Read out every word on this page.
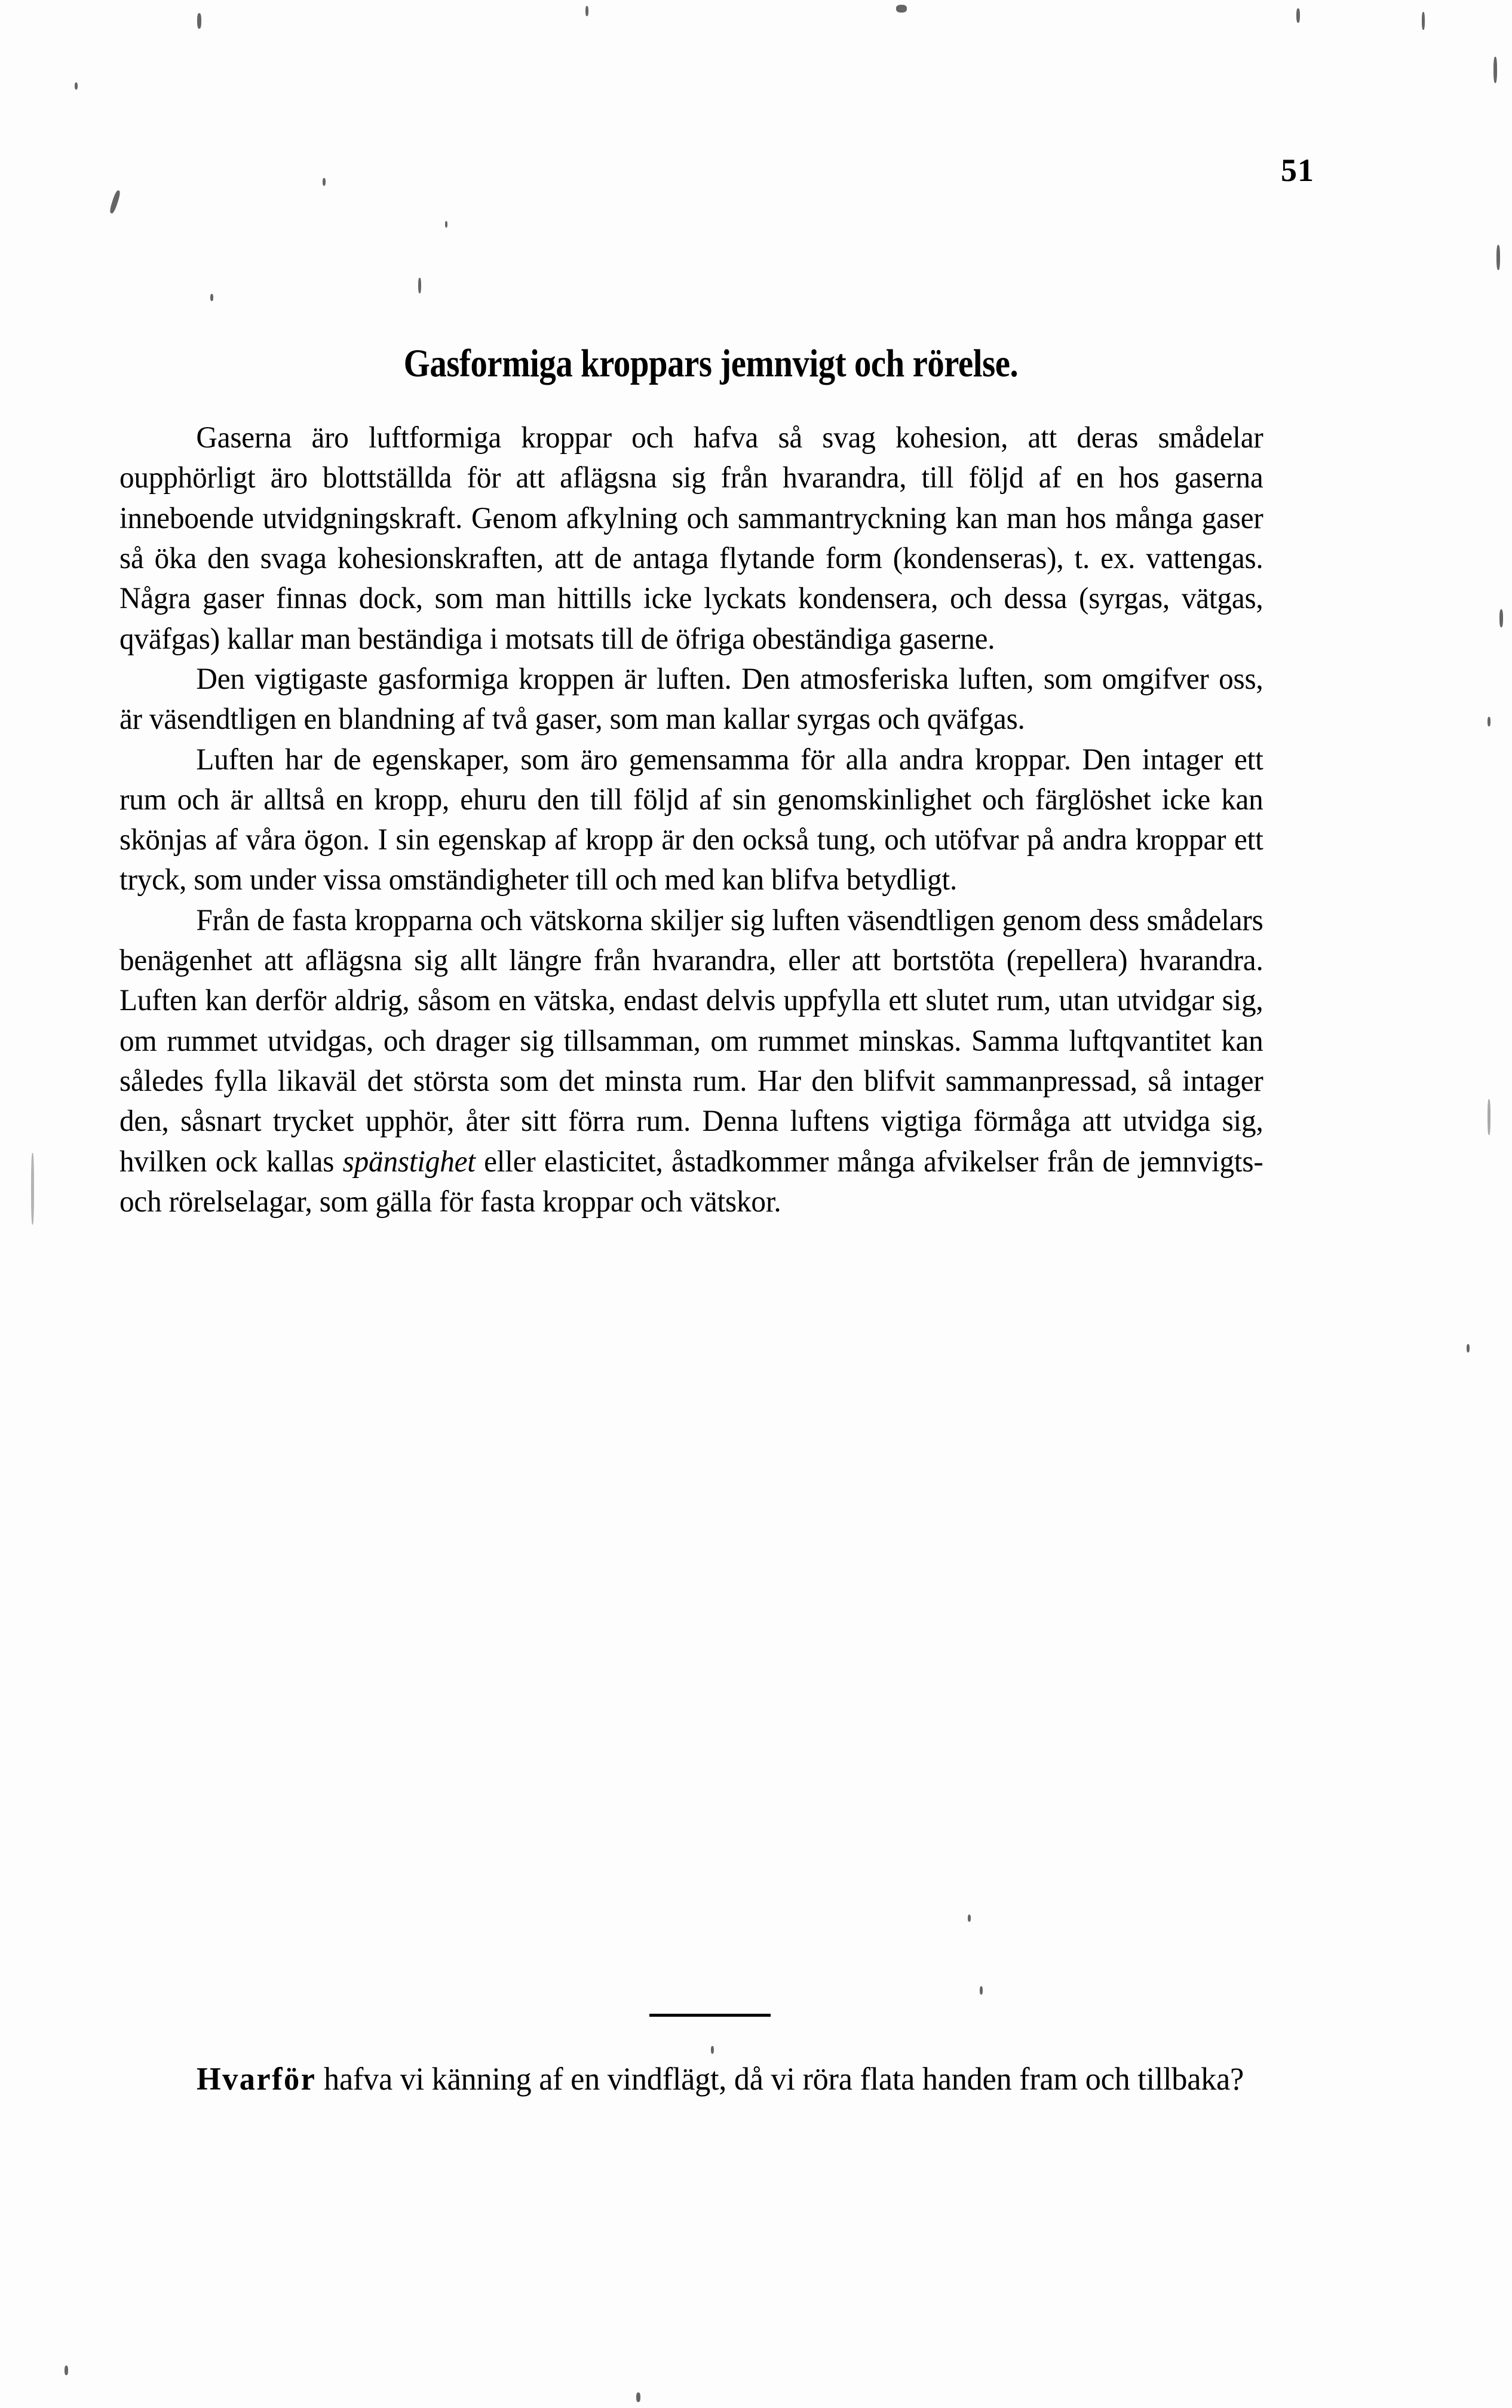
51
Gasformiga kroppars jemnvigt och rörelse.

Gaserna äro luftformiga kroppar och hafva så svag kohesion, att deras smådelar oupphörligt äro blottställda för att aflägsna sig från hvarandra, till följd af en hos gaserna inneboende utvidgningskraft. Genom afkylning och sammantryckning kan man hos många gaser så öka den svaga kohesionskraften, att de antaga flytande form (kondenseras), t. ex. vattengas. Några gaser finnas dock, som man hittills icke lyckats kondensera, och dessa (syrgas, vätgas, qväfgas) kallar man beständiga i motsats till de öfriga obeständiga gaserne.

Den vigtigaste gasformiga kroppen är luften. Den atmosferiska luften, som omgifver oss, är väsendtligen en blandning af två gaser, som man kallar syrgas och qväfgas.

Luften har de egenskaper, som äro gemensamma för alla andra kroppar. Den intager ett rum och är alltså en kropp, ehuru den till följd af sin genomskinlighet och färglöshet icke kan skönjas af våra ögon. I sin egenskap af kropp är den också tung, och utöfvar på andra kroppar ett tryck, som under vissa omständigheter till och med kan blifva betydligt.

Från de fasta kropparna och vätskorna skiljer sig luften väsendtligen genom dess smådelars benägenhet att aflägsna sig allt längre från hvarandra, eller att bortstöta (repellera) hvarandra. Luften kan derför aldrig, såsom en vätska, endast delvis uppfylla ett slutet rum, utan utvidgar sig, om rummet utvidgas, och drager sig tillsamman, om rummet minskas. Samma luftqvantitet kan således fylla likaväl det största som det minsta rum. Har den blifvit sammanpressad, så intager den, såsnart trycket upphör, åter sitt förra rum. Denna luftens vigtiga förmåga att utvidga sig, hvilken ock kallas spänstighet eller elasticitet, åstadkommer många afvikelser från de jemnvigts- och rörelselagar, som gälla för fasta kroppar och vätskor.

Hvarför hafva vi känning af en vindflägt, då vi röra flata handen fram och tillbaka?
